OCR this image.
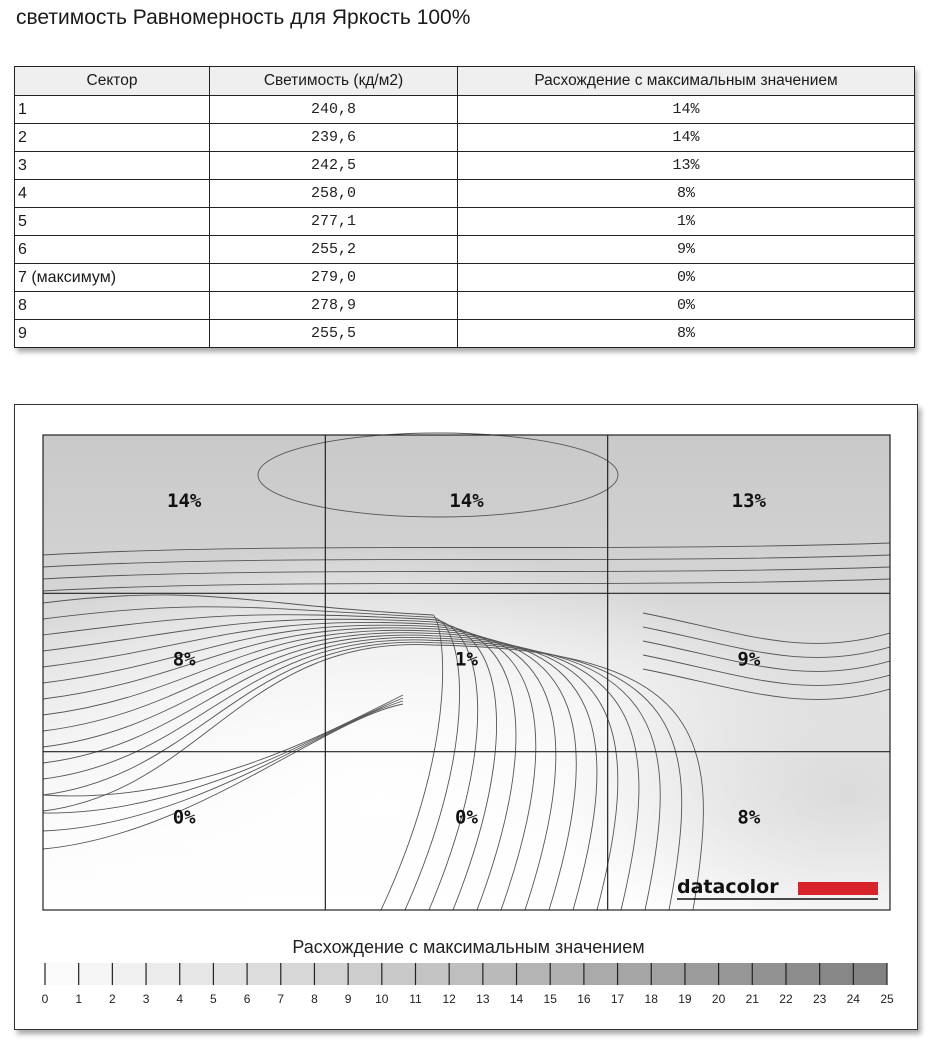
светимость Равномерность для Яркость 100%
Сектор	Светимость (кд/м2)	Расхождение с максимальным значением
1	240,8	14%
2	239,6	14%
3	242,5	13%
4	258,0	8%
5	277,1	1%
6	255,2	9%
7 (максимум)	279,0	0%
8	278,9	0%
9	255,5	8%
14%	14%	13%
8%	1%	9%
0%	0%	8%
datacolor
Расхождение с максимальным значением
0 1 2 3 4 5 6 7 8 9 10 11 12 13 14 15 16 17 18 19 20 21 22 23 24 25
